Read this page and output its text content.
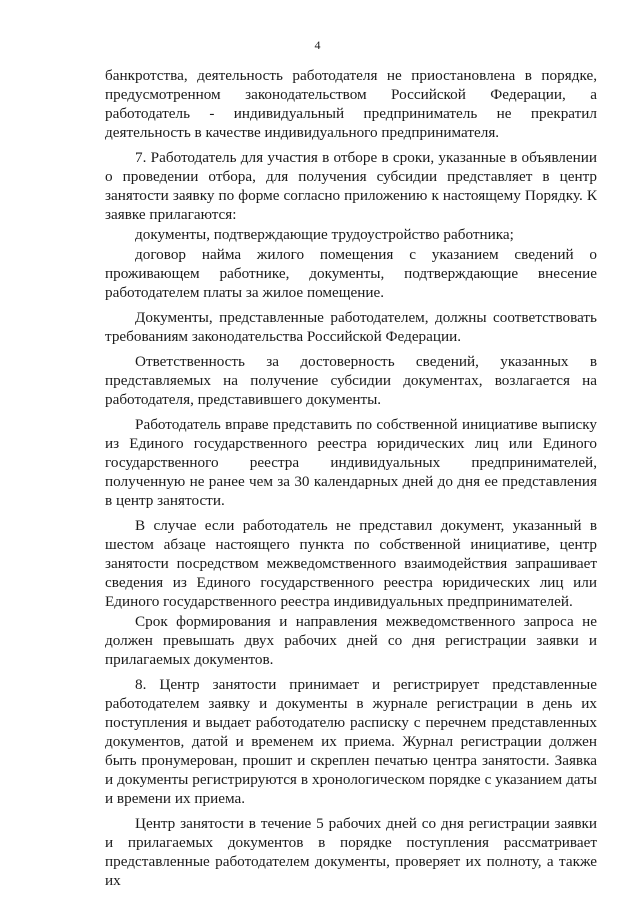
4

банкротства, деятельность работодателя не приостановлена в порядке, предусмотренном законодательством Российской Федерации, а работодатель - индивидуальный предприниматель не прекратил деятельность в качестве индивидуального предпринимателя.

7. Работодатель для участия в отборе в сроки, указанные в объявлении о проведении отбора, для получения субсидии представляет в центр занятости заявку по форме согласно приложению к настоящему Порядку. К заявке прилагаются:

документы, подтверждающие трудоустройство работника;

договор найма жилого помещения с указанием сведений о проживающем работнике, документы, подтверждающие внесение работодателем платы за жилое помещение.

Документы, представленные работодателем, должны соответствовать требованиям законодательства Российской Федерации.

Ответственность за достоверность сведений, указанных в представляемых на получение субсидии документах, возлагается на работодателя, представившего документы.

Работодатель вправе представить по собственной инициативе выписку из Единого государственного реестра юридических лиц или Единого государственного реестра индивидуальных предпринимателей, полученную не ранее чем за 30 календарных дней до дня ее представления в центр занятости.

В случае если работодатель не представил документ, указанный в шестом абзаце настоящего пункта по собственной инициативе, центр занятости посредством межведомственного взаимодействия запрашивает сведения из Единого государственного реестра юридических лиц или Единого государственного реестра индивидуальных предпринимателей.

Срок формирования и направления межведомственного запроса не должен превышать двух рабочих дней со дня регистрации заявки и прилагаемых документов.

8. Центр занятости принимает и регистрирует представленные работодателем заявку и документы в журнале регистрации в день их поступления и выдает работодателю расписку с перечнем представленных документов, датой и временем их приема. Журнал регистрации должен быть пронумерован, прошит и скреплен печатью центра занятости. Заявка и документы регистрируются в хронологическом порядке с указанием даты и времени их приема.

Центр занятости в течение 5 рабочих дней со дня регистрации заявки и прилагаемых документов в порядке поступления рассматривает представленные работодателем документы, проверяет их полноту, а также их
